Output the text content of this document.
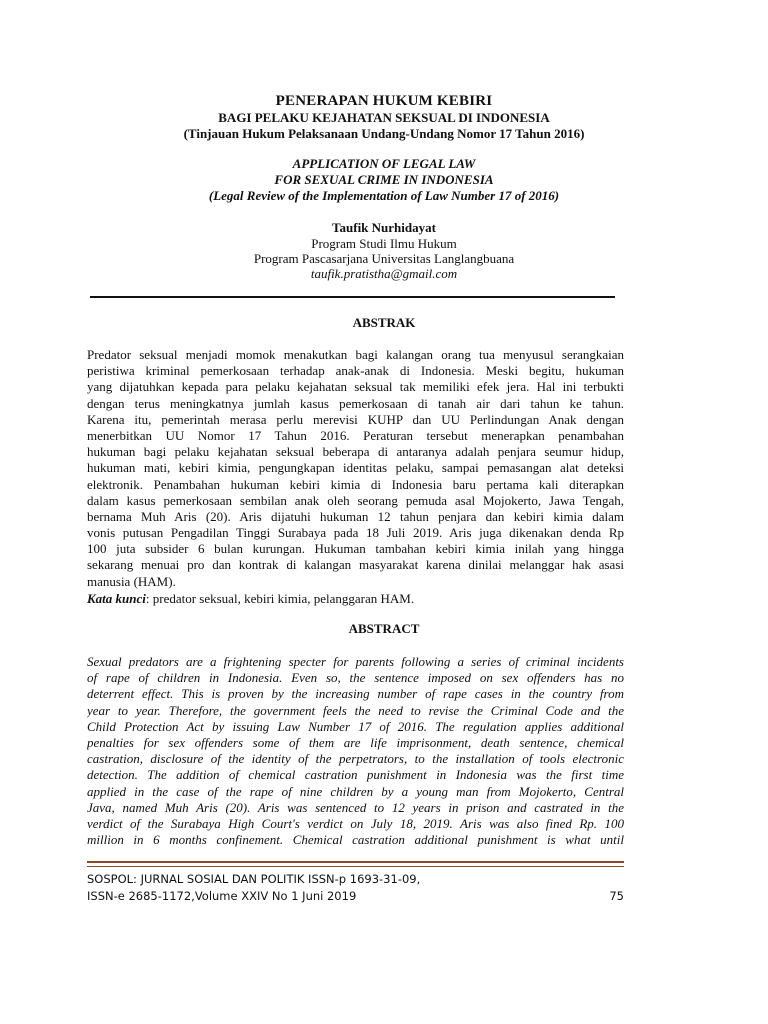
PENERAPAN HUKUM KEBIRI
BAGI PELAKU KEJAHATAN SEKSUAL DI INDONESIA
(Tinjauan Hukum Pelaksanaan Undang-Undang Nomor 17 Tahun 2016)
APPLICATION OF LEGAL LAW
FOR SEXUAL CRIME IN INDONESIA
(Legal Review of the Implementation of Law Number 17 of 2016)
Taufik Nurhidayat
Program Studi Ilmu Hukum
Program Pascasarjana Universitas Langlangbuana
taufik.pratistha@gmail.com
ABSTRAK
Predator seksual menjadi momok menakutkan bagi kalangan orang tua menyusul serangkaian
peristiwa kriminal pemerkosaan terhadap anak-anak di Indonesia. Meski begitu, hukuman
yang dijatuhkan kepada para pelaku kejahatan seksual tak memiliki efek jera. Hal ini terbukti
dengan terus meningkatnya jumlah kasus pemerkosaan di tanah air dari tahun ke tahun.
Karena itu, pemerintah merasa perlu merevisi KUHP dan UU Perlindungan Anak dengan
menerbitkan UU Nomor 17 Tahun 2016. Peraturan tersebut menerapkan penambahan
hukuman bagi pelaku kejahatan seksual beberapa di antaranya adalah penjara seumur hidup,
hukuman mati, kebiri kimia, pengungkapan identitas pelaku, sampai pemasangan alat deteksi
elektronik. Penambahan hukuman kebiri kimia di Indonesia baru pertama kali diterapkan
dalam kasus pemerkosaan sembilan anak oleh seorang pemuda asal Mojokerto, Jawa Tengah,
bernama Muh Aris (20). Aris dijatuhi hukuman 12 tahun penjara dan kebiri kimia dalam
vonis putusan Pengadilan Tinggi Surabaya pada 18 Juli 2019. Aris juga dikenakan denda Rp
100 juta subsider 6 bulan kurungan. Hukuman tambahan kebiri kimia inilah yang hingga
sekarang menuai pro dan kontrak di kalangan masyarakat karena dinilai melanggar hak asasi
manusia (HAM).
Kata kunci: predator seksual, kebiri kimia, pelanggaran HAM.
ABSTRACT
Sexual predators are a frightening specter for parents following a series of criminal incidents
of rape of children in Indonesia. Even so, the sentence imposed on sex offenders has no
deterrent effect. This is proven by the increasing number of rape cases in the country from
year to year. Therefore, the government feels the need to revise the Criminal Code and the
Child Protection Act by issuing Law Number 17 of 2016. The regulation applies additional
penalties for sex offenders some of them are life imprisonment, death sentence, chemical
castration, disclosure of the identity of the perpetrators, to the installation of tools electronic
detection. The addition of chemical castration punishment in Indonesia was the first time
applied in the case of the rape of nine children by a young man from Mojokerto, Central
Java, named Muh Aris (20). Aris was sentenced to 12 years in prison and castrated in the
verdict of the Surabaya High Court's verdict on July 18, 2019. Aris was also fined Rp. 100
million in 6 months confinement. Chemical castration additional punishment is what until
SOSPOL: JURNAL SOSIAL DAN POLITIK ISSN-p 1693-31-09,
ISSN-e 2685-1172,Volume XXIV No 1 Juni 2019	75
